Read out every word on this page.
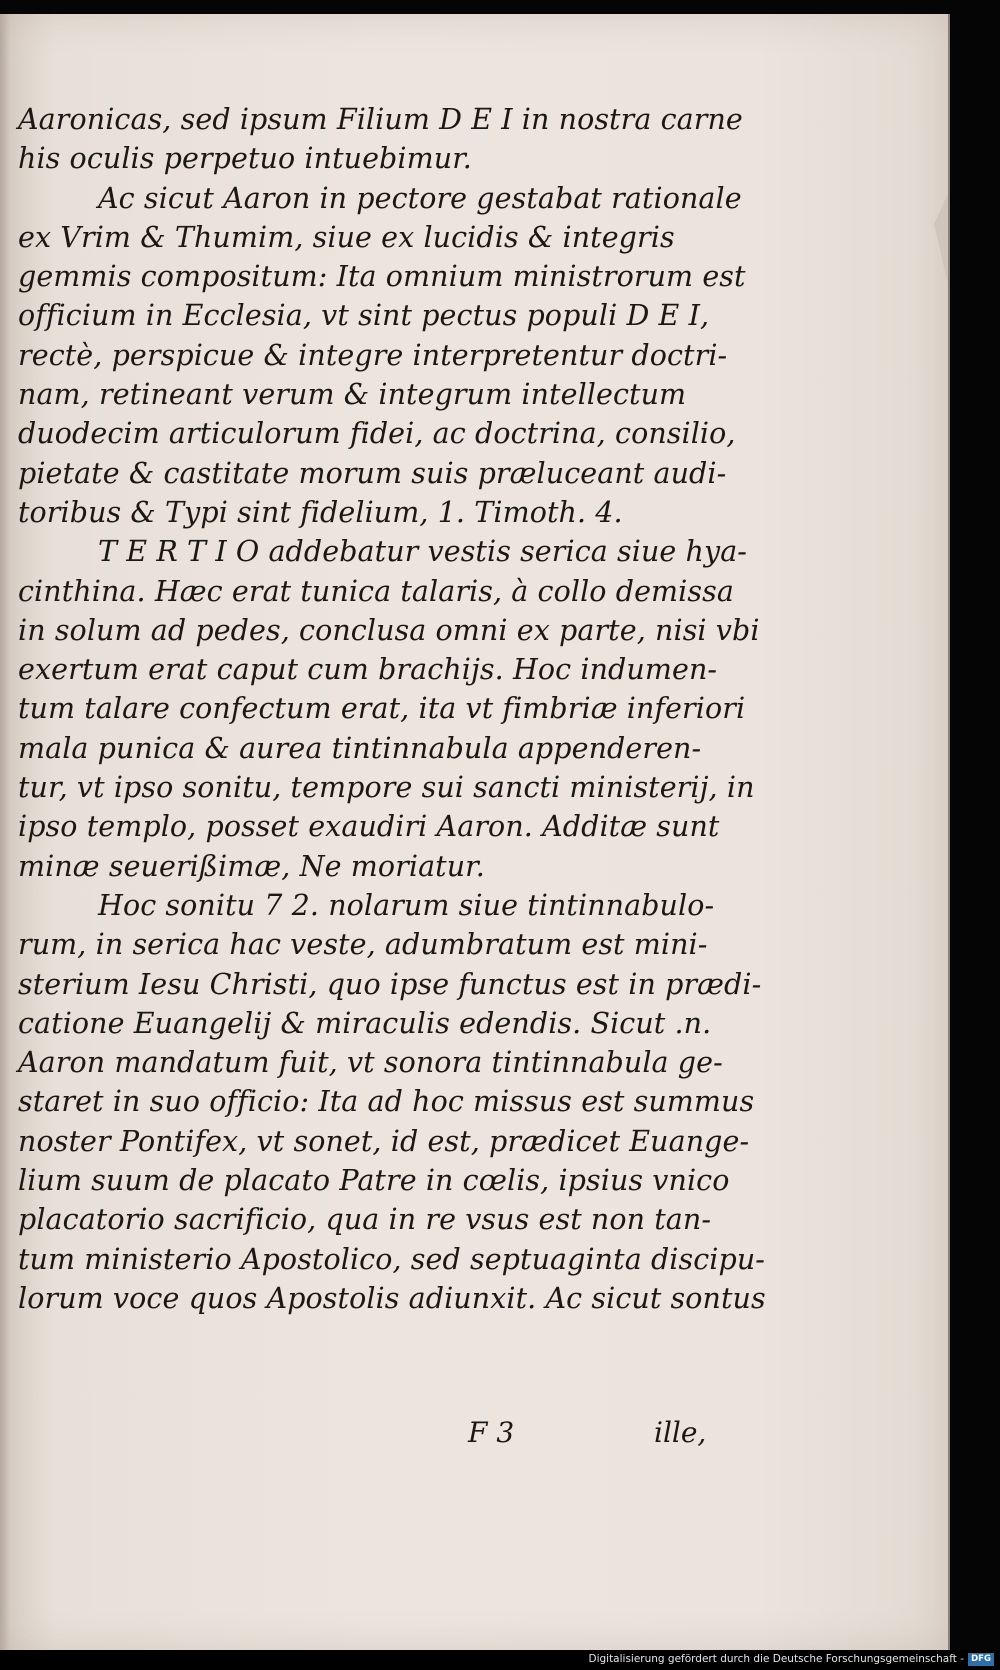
Aaronicas, sed ipsum Filium D E I in nostra carne
his oculis perpetuo intuebimur.
Ac sicut Aaron in pectore gestabat rationale
ex Vrim & Thumim, siue ex lucidis & integris
gemmis compositum: Ita omnium ministrorum est
officium in Ecclesia, vt sint pectus populi D E I,
rectè, perspicue & integre interpretentur doctri-
nam, retineant verum & integrum intellectum
duodecim articulorum fidei, ac doctrina, consilio,
pietate & castitate morum suis præluceant audi-
toribus & Typi sint fidelium, 1. Timoth. 4.
T E R T I O addebatur vestis serica siue hya-
cinthina. Hæc erat tunica talaris, à collo demissa
in solum ad pedes, conclusa omni ex parte, nisi vbi
exertum erat caput cum brachijs. Hoc indumen-
tum talare confectum erat, ita vt fimbriæ inferiori
mala punica & aurea tintinnabula appenderen-
tur, vt ipso sonitu, tempore sui sancti ministerij, in
ipso templo, posset exaudiri Aaron. Additæ sunt
minæ seuerißimæ, Ne moriatur.
Hoc sonitu 7 2. nolarum siue tintinnabulo-
rum, in serica hac veste, adumbratum est mini-
sterium Iesu Christi, quo ipse functus est in prædi-
catione Euangelij & miraculis edendis. Sicut .n.
Aaron mandatum fuit, vt sonora tintinnabula ge-
staret in suo officio: Ita ad hoc missus est summus
noster Pontifex, vt sonet, id est, prædicet Euange-
lium suum de placato Patre in cœlis, ipsius vnico
placatorio sacrificio, qua in re vsus est non tan-
tum ministerio Apostolico, sed septuaginta discipu-
lorum voce quos Apostolis adiunxit. Ac sicut sontus
F 3	ille,
Digitalisierung gefördert durch die Deutsche Forschungsgemeinschaft - DFG
